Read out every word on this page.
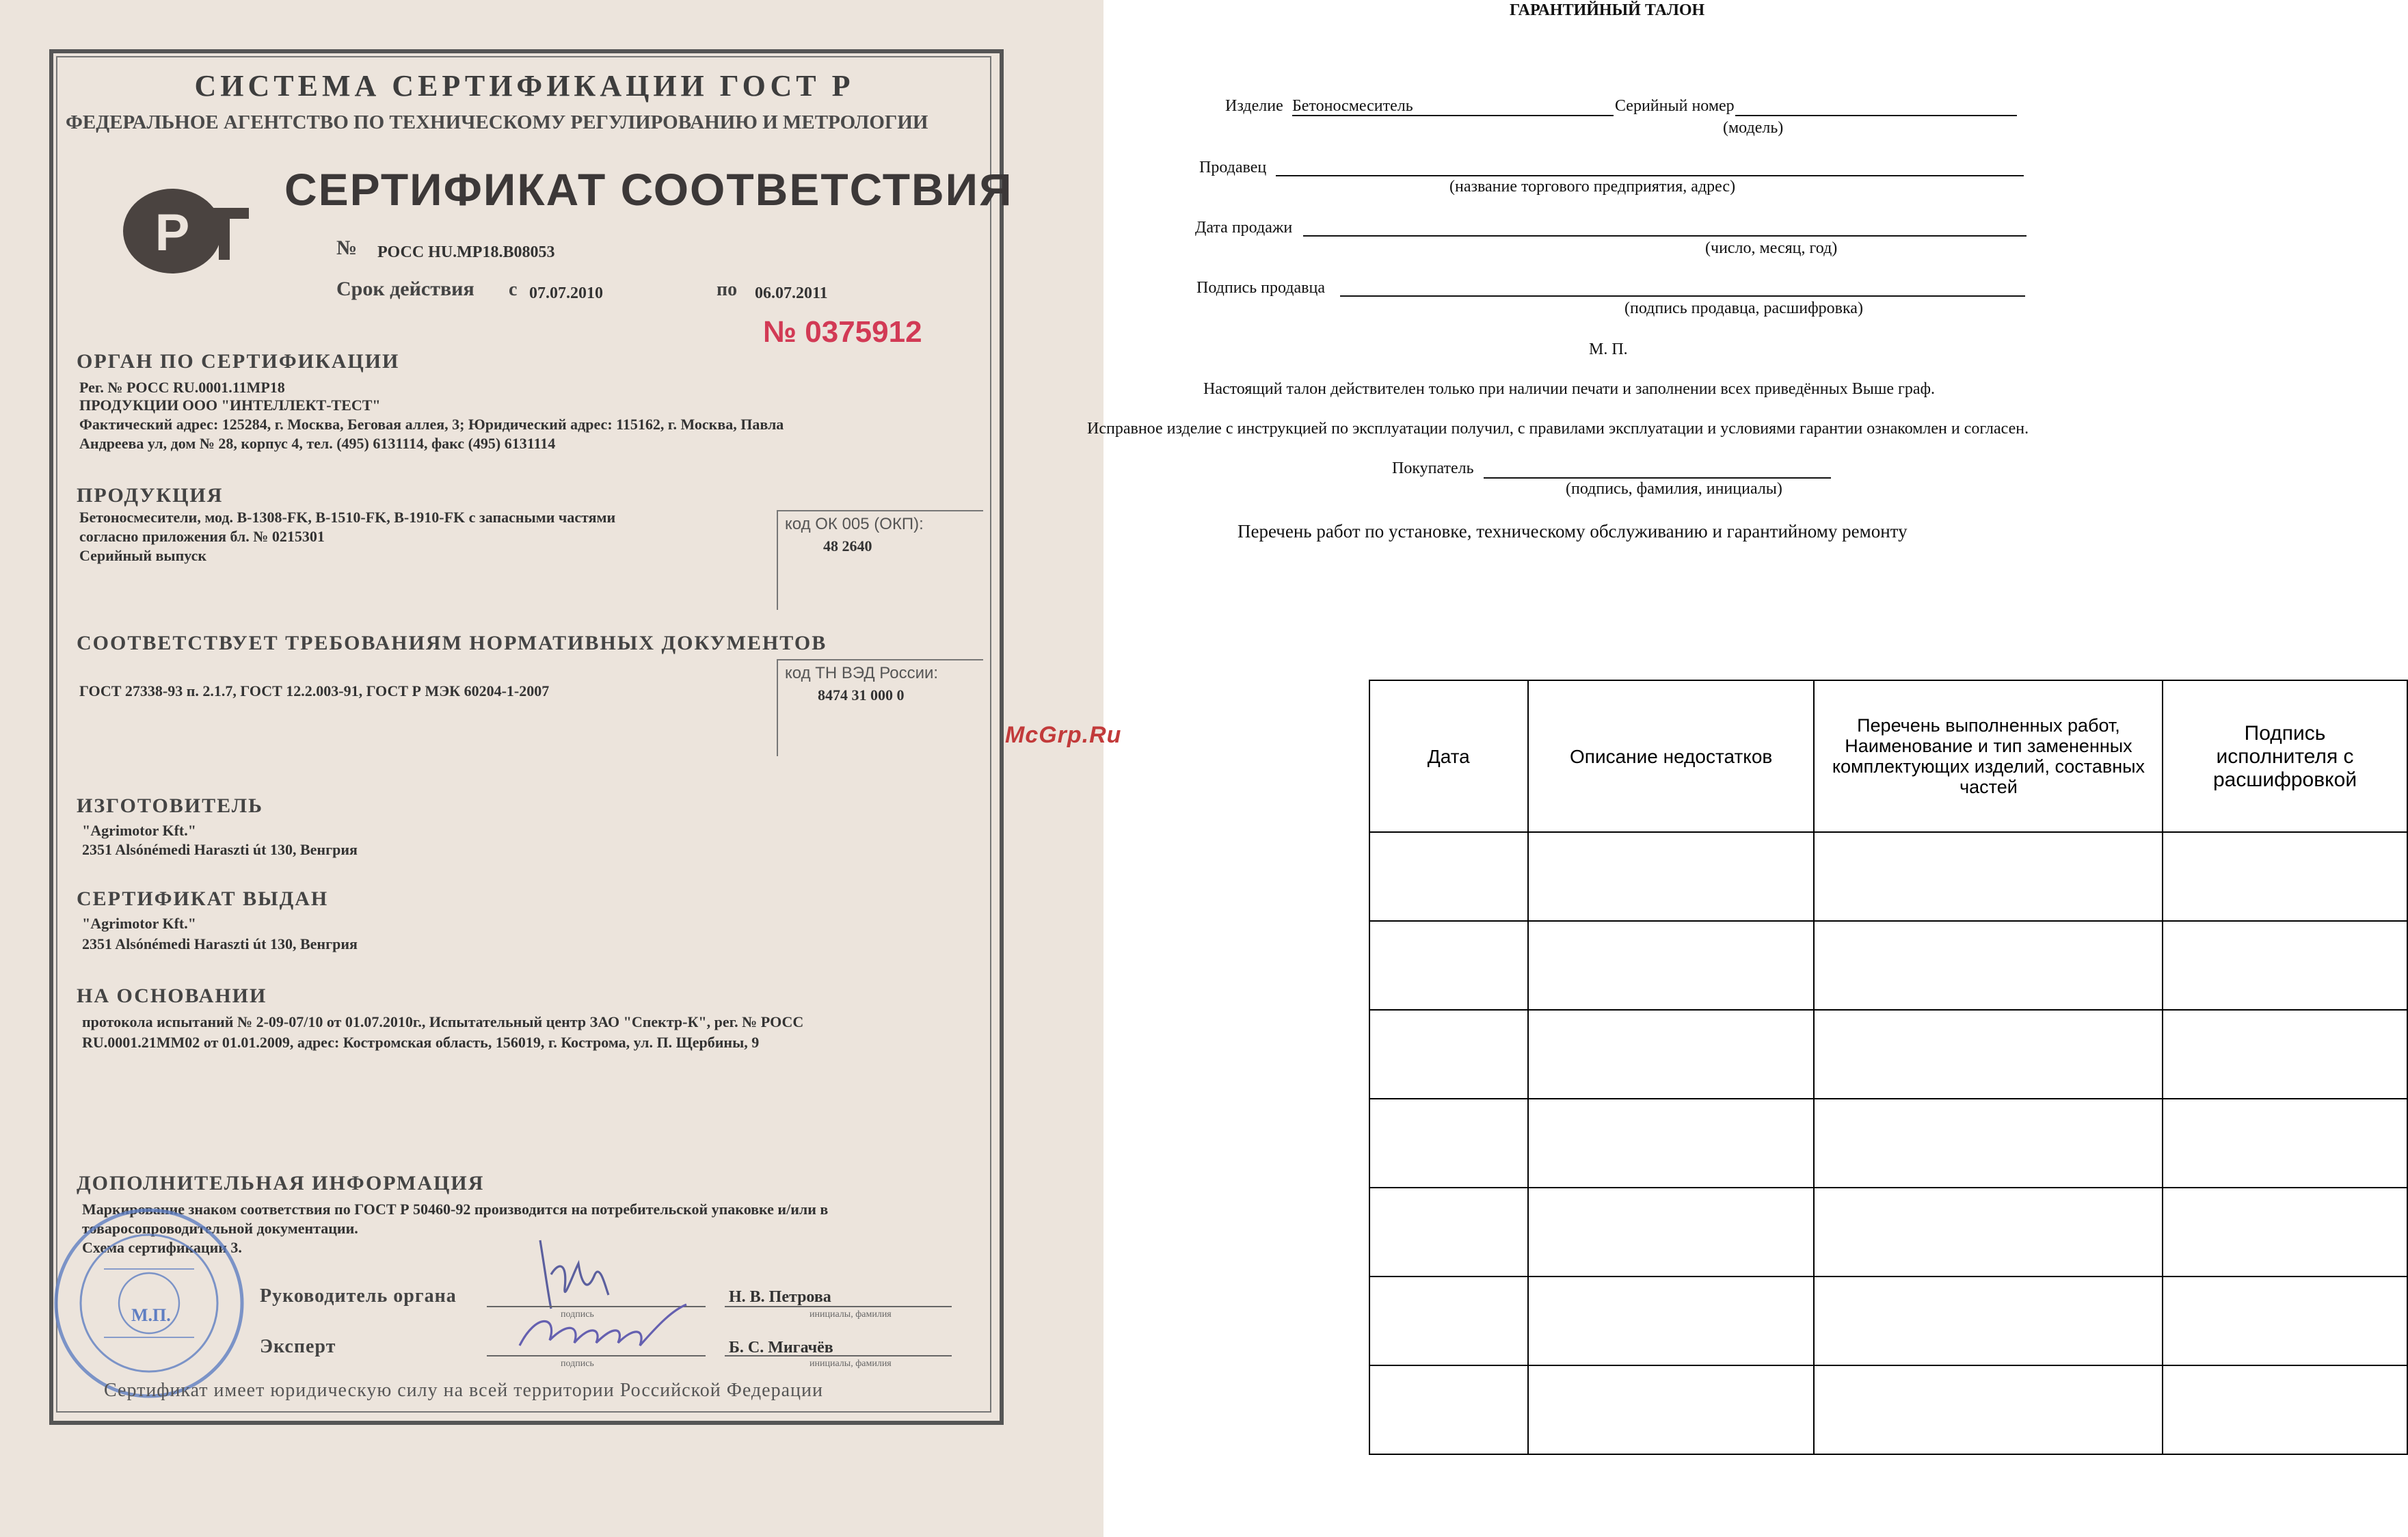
СИСТЕМА СЕРТИФИКАЦИИ ГОСТ Р
ФЕДЕРАЛЬНОЕ АГЕНТСТВО ПО ТЕХНИЧЕСКОМУ РЕГУЛИРОВАНИЮ И МЕТРОЛОГИИ
Р
СЕРТИФИКАТ СООТВЕТСТВИЯ
№ РОСС HU.МР18.В08053
Срок действия	с 07.07.2010	по 06.07.2011
№ 0375912
ОРГАН ПО СЕРТИФИКАЦИИ
Рег. № РОСС RU.0001.11МР18
ПРОДУКЦИИ ООО "ИНТЕЛЛЕКТ-ТЕСТ"
Фактический адрес: 125284, г. Москва, Беговая аллея, 3; Юридический адрес: 115162, г. Москва, Павла
Андреева ул, дом № 28, корпус 4, тел. (495) 6131114, факс (495) 6131114
ПРОДУКЦИЯ
Бетоносмесители, мод. В-1308-FK, В-1510-FK, В-1910-FK с запасными частями
согласно приложения бл. № 0215301
Серийный выпуск
код ОК 005 (ОКП):
48 2640
СООТВЕТСТВУЕТ ТРЕБОВАНИЯМ НОРМАТИВНЫХ ДОКУМЕНТОВ
ГОСТ 27338-93 п. 2.1.7, ГОСТ 12.2.003-91, ГОСТ Р МЭК 60204-1-2007
код ТН ВЭД России:
8474 31 000 0
ИЗГОТОВИТЕЛЬ
"Agrimotor Kft."
2351 Alsónémedi Haraszti út 130, Венгрия
СЕРТИФИКАТ ВЫДАН
"Agrimotor Kft."
2351 Alsónémedi Haraszti út 130, Венгрия
НА ОСНОВАНИИ
протокола испытаний № 2-09-07/10 от 01.07.2010г., Испытательный центр ЗАО "Спектр-К", рег. № РОСС
RU.0001.21ММ02 от 01.01.2009, адрес: Костромская область, 156019, г. Кострома, ул. П. Щербины, 9
ДОПОЛНИТЕЛЬНАЯ ИНФОРМАЦИЯ
Маркирование знаком соответствия по ГОСТ Р 50460-92 производится на потребительской упаковке и/или в
товаросопроводительной документации.
Схема сертификации 3.
М.П.
Руководитель органа
подпись
Н. В. Петрова
инициалы, фамилия
Эксперт
подпись
Б. С. Мигачёв
инициалы, фамилия
Сертификат имеет юридическую силу на всей территории Российской Федерации
McGrp.Ru
ГАРАНТИЙНЫЙ ТАЛОН
Изделие Бетоносмеситель	Серийный номер
(модель)
Продавец
(название торгового предприятия, адрес)
Дата продажи
(число, месяц, год)
Подпись продавца
(подпись продавца, расшифровка)
М. П.
Настоящий талон действителен только при наличии печати и заполнении всех приведённых Выше граф.
Исправное изделие с инструкцией по эксплуатации получил, с правилами эксплуатации и условиями гарантии ознакомлен и согласен.
Покупатель
(подпись, фамилия, инициалы)
Перечень работ по установке, техническому обслуживанию и гарантийному ремонту
Дата	Описание недостатков	Перечень выполненных работ, Наименование и тип замененных комплектующих изделий, составных частей	Подпись исполнителя с расшифровкой
